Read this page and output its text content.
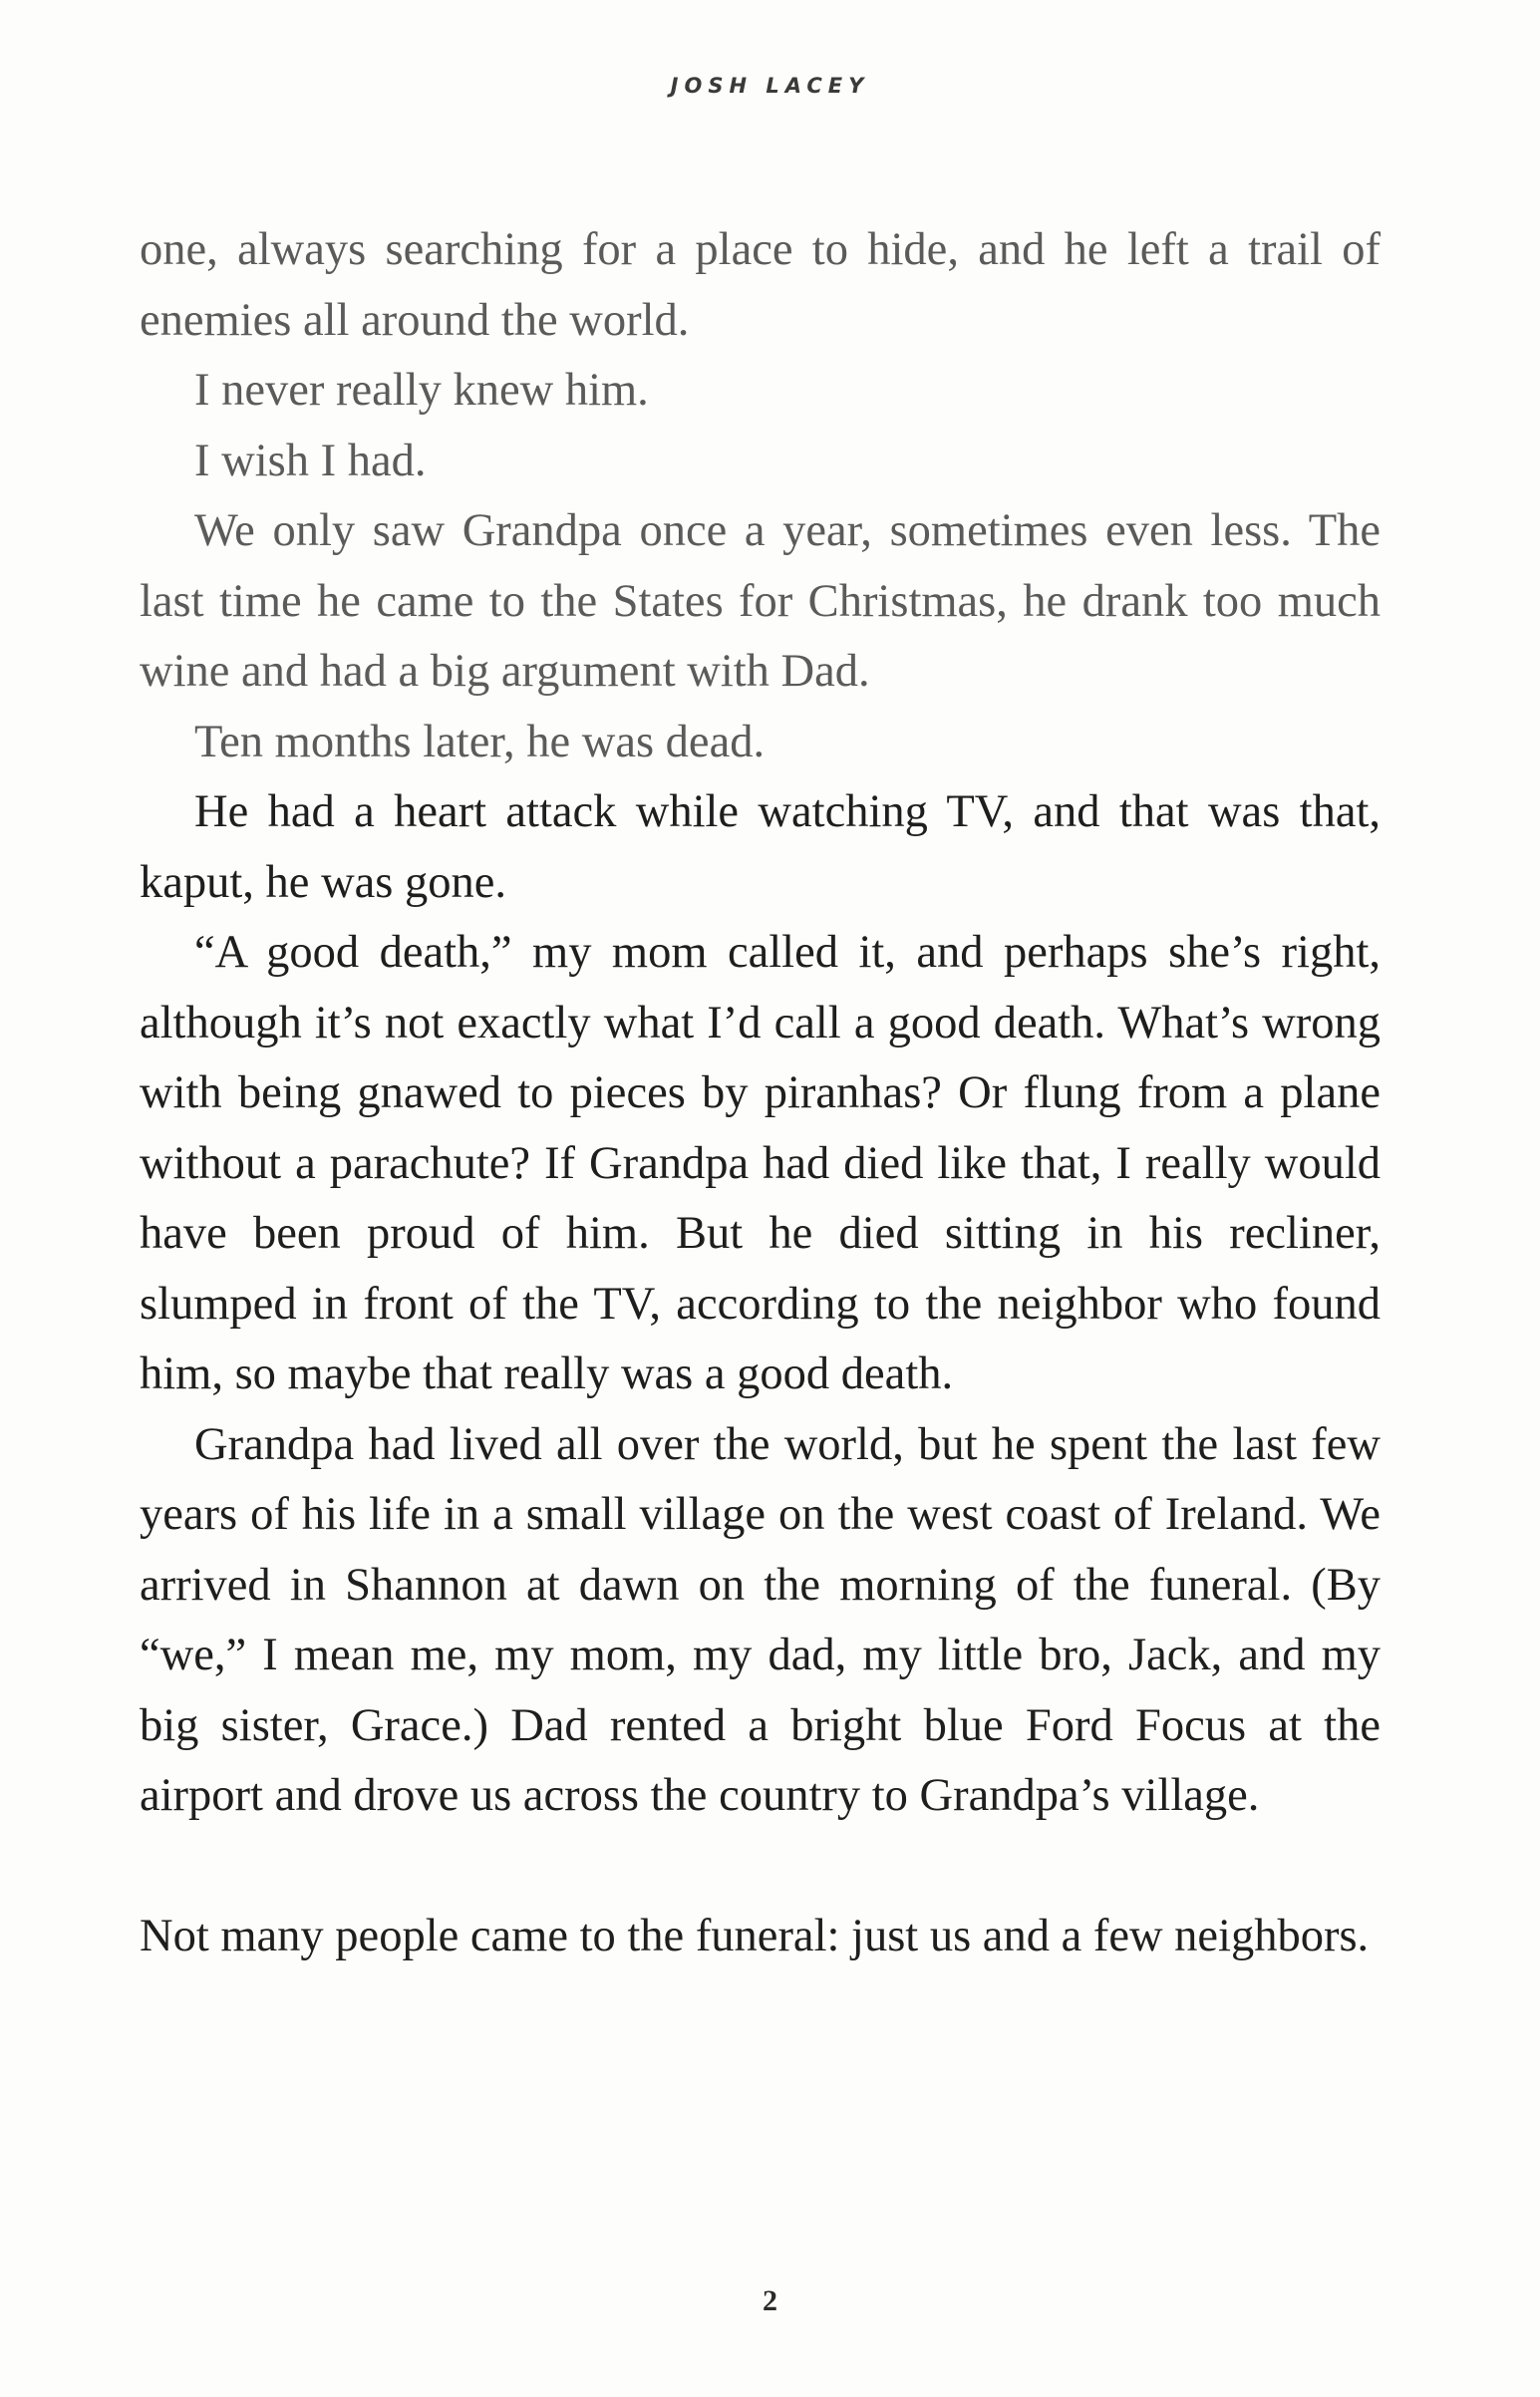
JOSH LACEY

one, always searching for a place to hide, and he left a trail of enemies all around the world.

I never really knew him.

I wish I had.

We only saw Grandpa once a year, sometimes even less. The last time he came to the States for Christmas, he drank too much wine and had a big argument with Dad.

Ten months later, he was dead.

He had a heart attack while watching TV, and that was that, kaput, he was gone.

“A good death,” my mom called it, and perhaps she’s right, although it’s not exactly what I’d call a good death. What’s wrong with being gnawed to pieces by piranhas? Or flung from a plane without a parachute? If Grandpa had died like that, I really would have been proud of him. But he died sitting in his recliner, slumped in front of the TV, according to the neighbor who found him, so maybe that really was a good death.

Grandpa had lived all over the world, but he spent the last few years of his life in a small village on the west coast of Ireland. We arrived in Shannon at dawn on the morning of the funeral. (By “we,” I mean me, my mom, my dad, my little bro, Jack, and my big sister, Grace.) Dad rented a bright blue Ford Focus at the airport and drove us across the country to Grandpa’s village.

Not many people came to the funeral: just us and a few neighbors.

2
